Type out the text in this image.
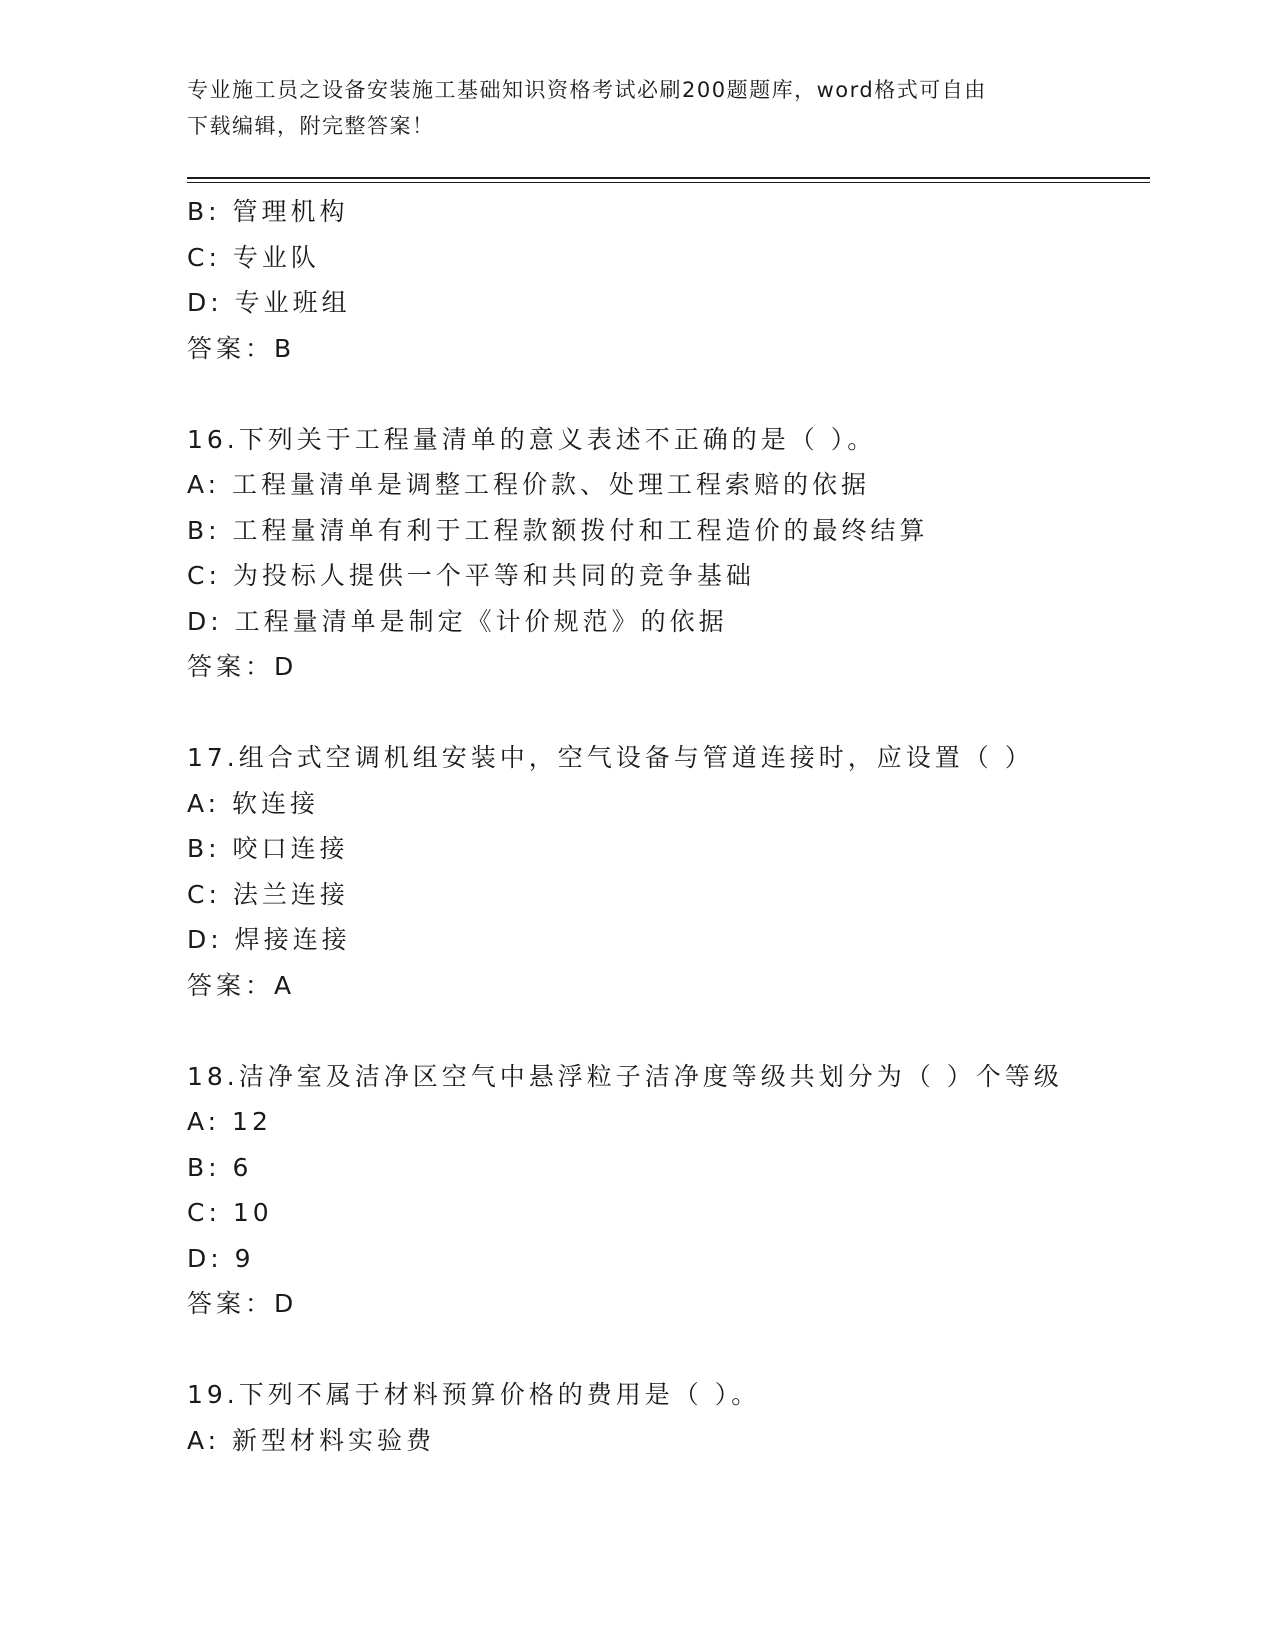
专业施工员之设备安装施工基础知识资格考试必刷200题题库，word格式可自由
下载编辑，附完整答案！
B: 管理机构
C: 专业队
D: 专业班组
答案：B
16.下列关于工程量清单的意义表述不正确的是（ ）。
A: 工程量清单是调整工程价款、处理工程索赔的依据
B: 工程量清单有利于工程款额拨付和工程造价的最终结算
C: 为投标人提供一个平等和共同的竞争基础
D: 工程量清单是制定《计价规范》的依据
答案：D
17.组合式空调机组安装中，空气设备与管道连接时，应设置（ ）
A: 软连接
B: 咬口连接
C: 法兰连接
D: 焊接连接
答案：A
18.洁净室及洁净区空气中悬浮粒子洁净度等级共划分为（ ）个等级
A: 12
B: 6
C: 10
D: 9
答案：D
19.下列不属于材料预算价格的费用是（ ）。
A: 新型材料实验费
